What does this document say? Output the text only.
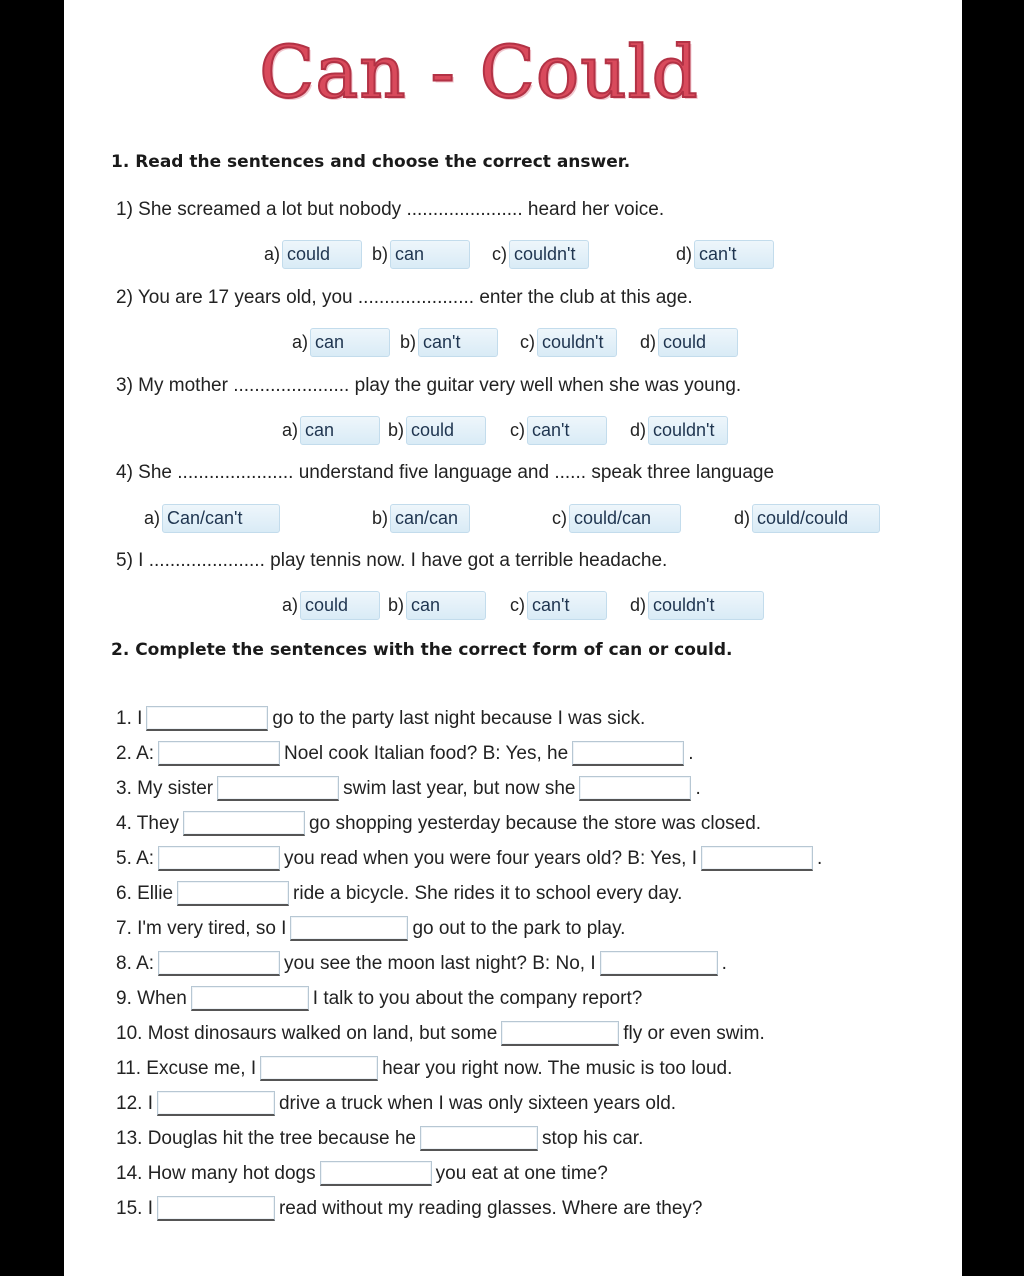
Can - Could
1. Read the sentences and choose the correct answer.
1) She screamed a lot but nobody ...................... heard her voice.
a) could	b) can	c) couldn't	d) can't
2) You are 17 years old, you ...................... enter the club at this age.
a) can	b) can't	c) couldn't	d) could
3) My mother ...................... play the guitar very well when she was young.
a) can	b) could	c) can't	d) couldn't
4) She ...................... understand five language and ...... speak three language
a) Can/can't	b) can/can	c) could/can	d) could/could
5) I ...................... play tennis now. I have got a terrible headache.
a) could	b) can	c) can't	d) couldn't
2. Complete the sentences with the correct form of can or could.
1. I	go to the party last night because I was sick.
2. A:	Noel cook Italian food? B: Yes, he	.
3. My sister	swim last year, but now she	.
4. They	go shopping yesterday because the store was closed.
5. A:	you read when you were four years old? B: Yes, I	.
6. Ellie	ride a bicycle. She rides it to school every day.
7. I'm very tired, so I	go out to the park to play.
8. A:	you see the moon last night? B: No, I	.
9. When	I talk to you about the company report?
10. Most dinosaurs walked on land, but some	fly or even swim.
11. Excuse me, I	hear you right now. The music is too loud.
12. I	drive a truck when I was only sixteen years old.
13. Douglas hit the tree because he	stop his car.
14. How many hot dogs	you eat at one time?
15. I	read without my reading glasses. Where are they?
